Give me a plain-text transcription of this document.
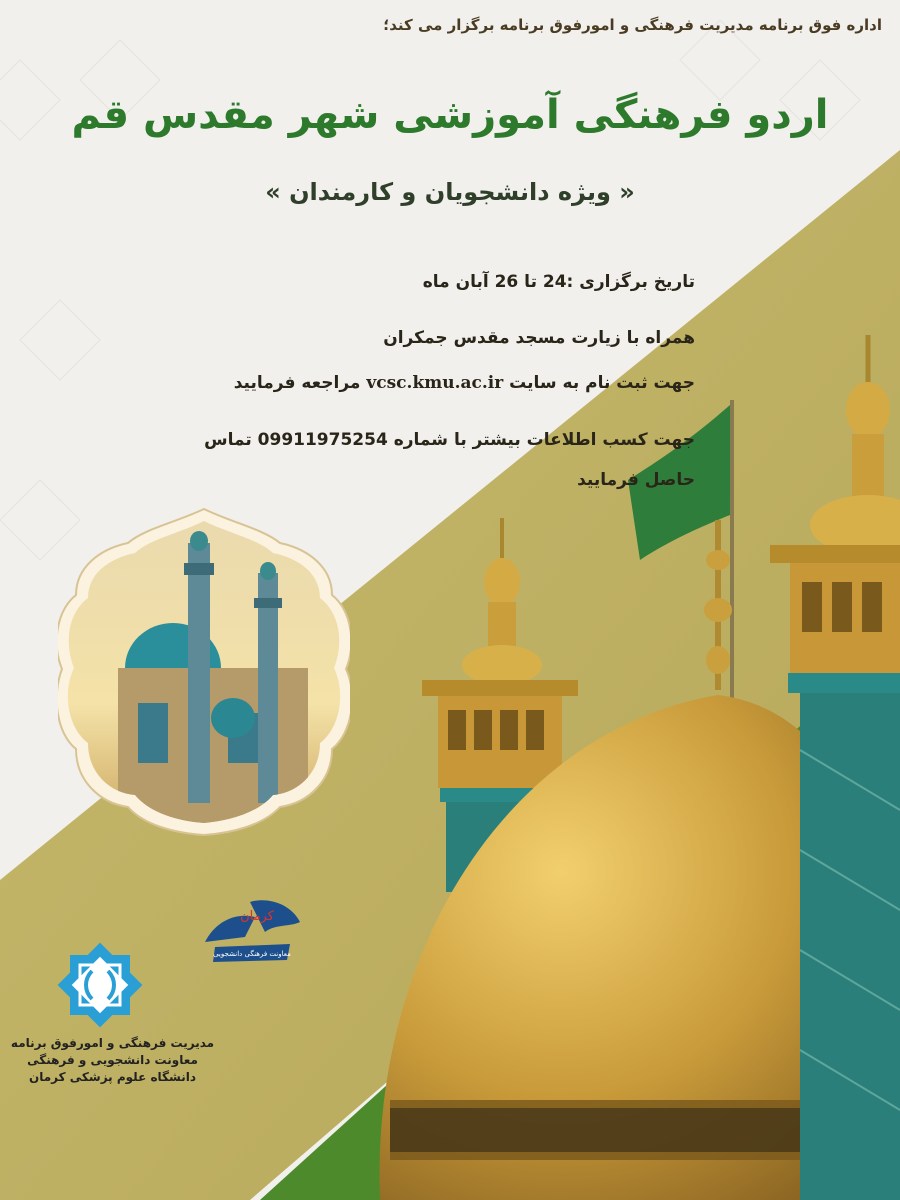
اداره فوق برنامه مدیریت فرهنگی و امورفوق برنامه برگزار می کند؛
اردو فرهنگی آموزشی شهر مقدس قم
« ویژه دانشجویان و کارمندان »
تاریخ برگزاری :24 تا 26 آبان ماه
همراه با زیارت مسجد مقدس جمکران
جهت ثبت نام به سایت vcsc.kmu.ac.ir مراجعه فرمایید
جهت کسب اطلاعات بیشتر با شماره 09911975254 تماس
حاصل فرمایید
کرمان
معاونت فرهنگی دانشجویی
مدیریت فرهنگی و امورفوق برنامه
معاونت دانشجویی و فرهنگی
دانشگاه علوم پزشکی کرمان
